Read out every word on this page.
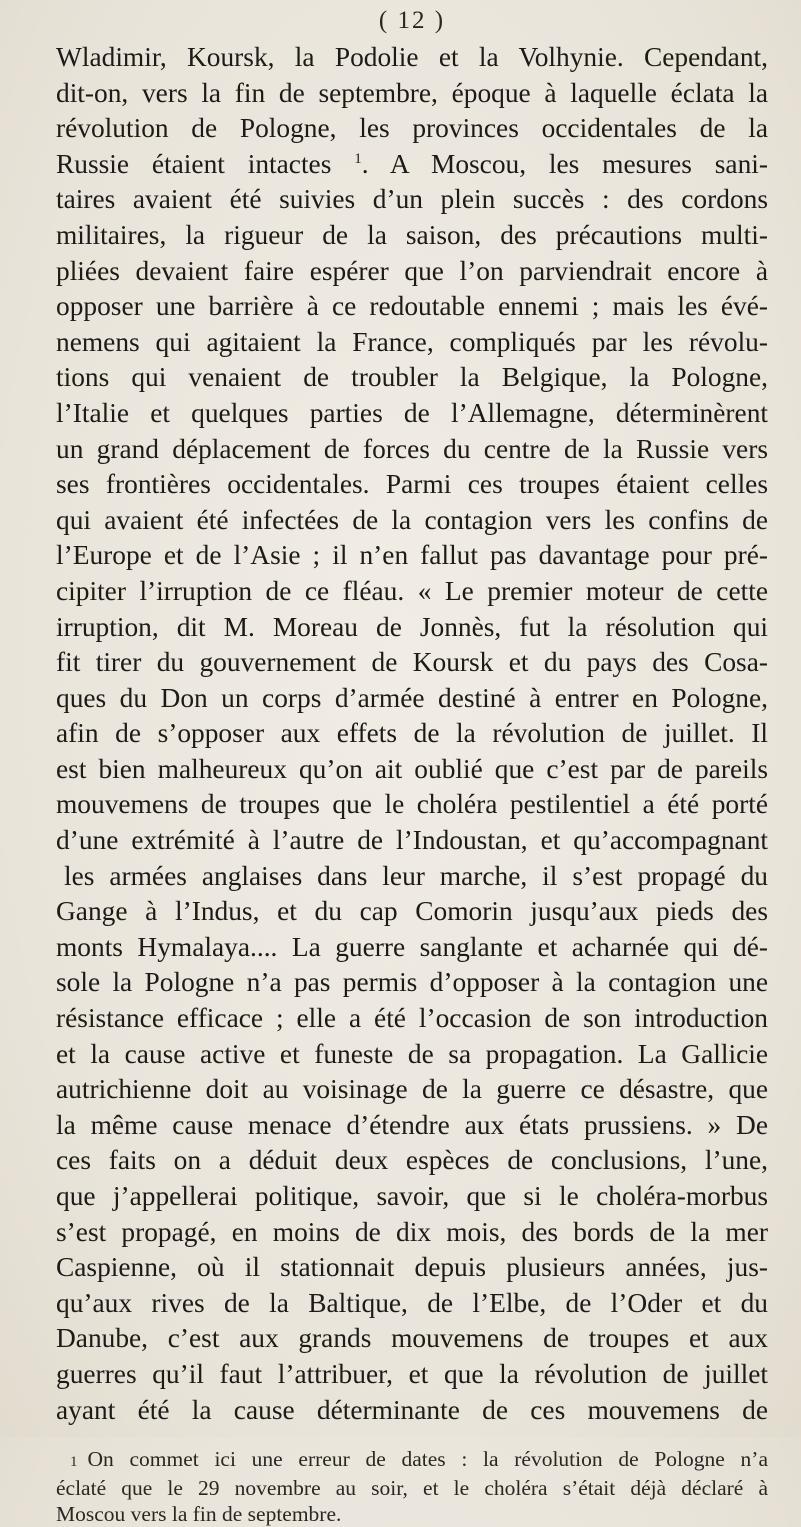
( 12 )
Wladimir, Koursk, la Podolie et la Volhynie. Cependant,
dit-on, vers la fin de septembre, époque à laquelle éclata la
révolution de Pologne, les provinces occidentales de la
Russie étaient intactes $^1$. A Moscou, les mesures sani-
taires avaient été suivies d’un plein succès : des cordons
militaires, la rigueur de la saison, des précautions multi-
pliées devaient faire espérer que l’on parviendrait encore à
opposer une barrière à ce redoutable ennemi ; mais les évé-
nemens qui agitaient la France, compliqués par les révolu-
tions qui venaient de troubler la Belgique, la Pologne,
l’Italie et quelques parties de l’Allemagne, déterminèrent
un grand déplacement de forces du centre de la Russie vers
ses frontières occidentales. Parmi ces troupes étaient celles
qui avaient été infectées de la contagion vers les confins de
l’Europe et de l’Asie ; il n’en fallut pas davantage pour pré-
cipiter l’irruption de ce fléau. « Le premier moteur de cette
irruption, dit M. Moreau de Jonnès, fut la résolution qui
fit tirer du gouvernement de Koursk et du pays des Cosa-
ques du Don un corps d’armée destiné à entrer en Pologne,
afin de s’opposer aux effets de la révolution de juillet. Il
est bien malheureux qu’on ait oublié que c’est par de pareils
mouvemens de troupes que le choléra pestilentiel a été porté
d’une extrémité à l’autre de l’Indoustan, et qu’accompagnant
les armées anglaises dans leur marche, il s’est propagé du
Gange à l’Indus, et du cap Comorin jusqu’aux pieds des
monts Hymalaya.... La guerre sanglante et acharnée qui dé-
sole la Pologne n’a pas permis d’opposer à la contagion une
résistance efficace ; elle a été l’occasion de son introduction
et la cause active et funeste de sa propagation. La Gallicie
autrichienne doit au voisinage de la guerre ce désastre, que
la même cause menace d’étendre aux états prussiens. » De
ces faits on a déduit deux espèces de conclusions, l’une,
que j’appellerai politique, savoir, que si le choléra-morbus
s’est propagé, en moins de dix mois, des bords de la mer
Caspienne, où il stationnait depuis plusieurs années, jus-
qu’aux rives de la Baltique, de l’Elbe, de l’Oder et du
Danube, c’est aux grands mouvemens de troupes et aux
guerres qu’il faut l’attribuer, et que la révolution de juillet
ayant été la cause déterminante de ces mouvemens de
1 On commet ici une erreur de dates : la révolution de Pologne n’a
éclaté que le 29 novembre au soir, et le choléra s’était déjà déclaré à
Moscou vers la fin de septembre.
